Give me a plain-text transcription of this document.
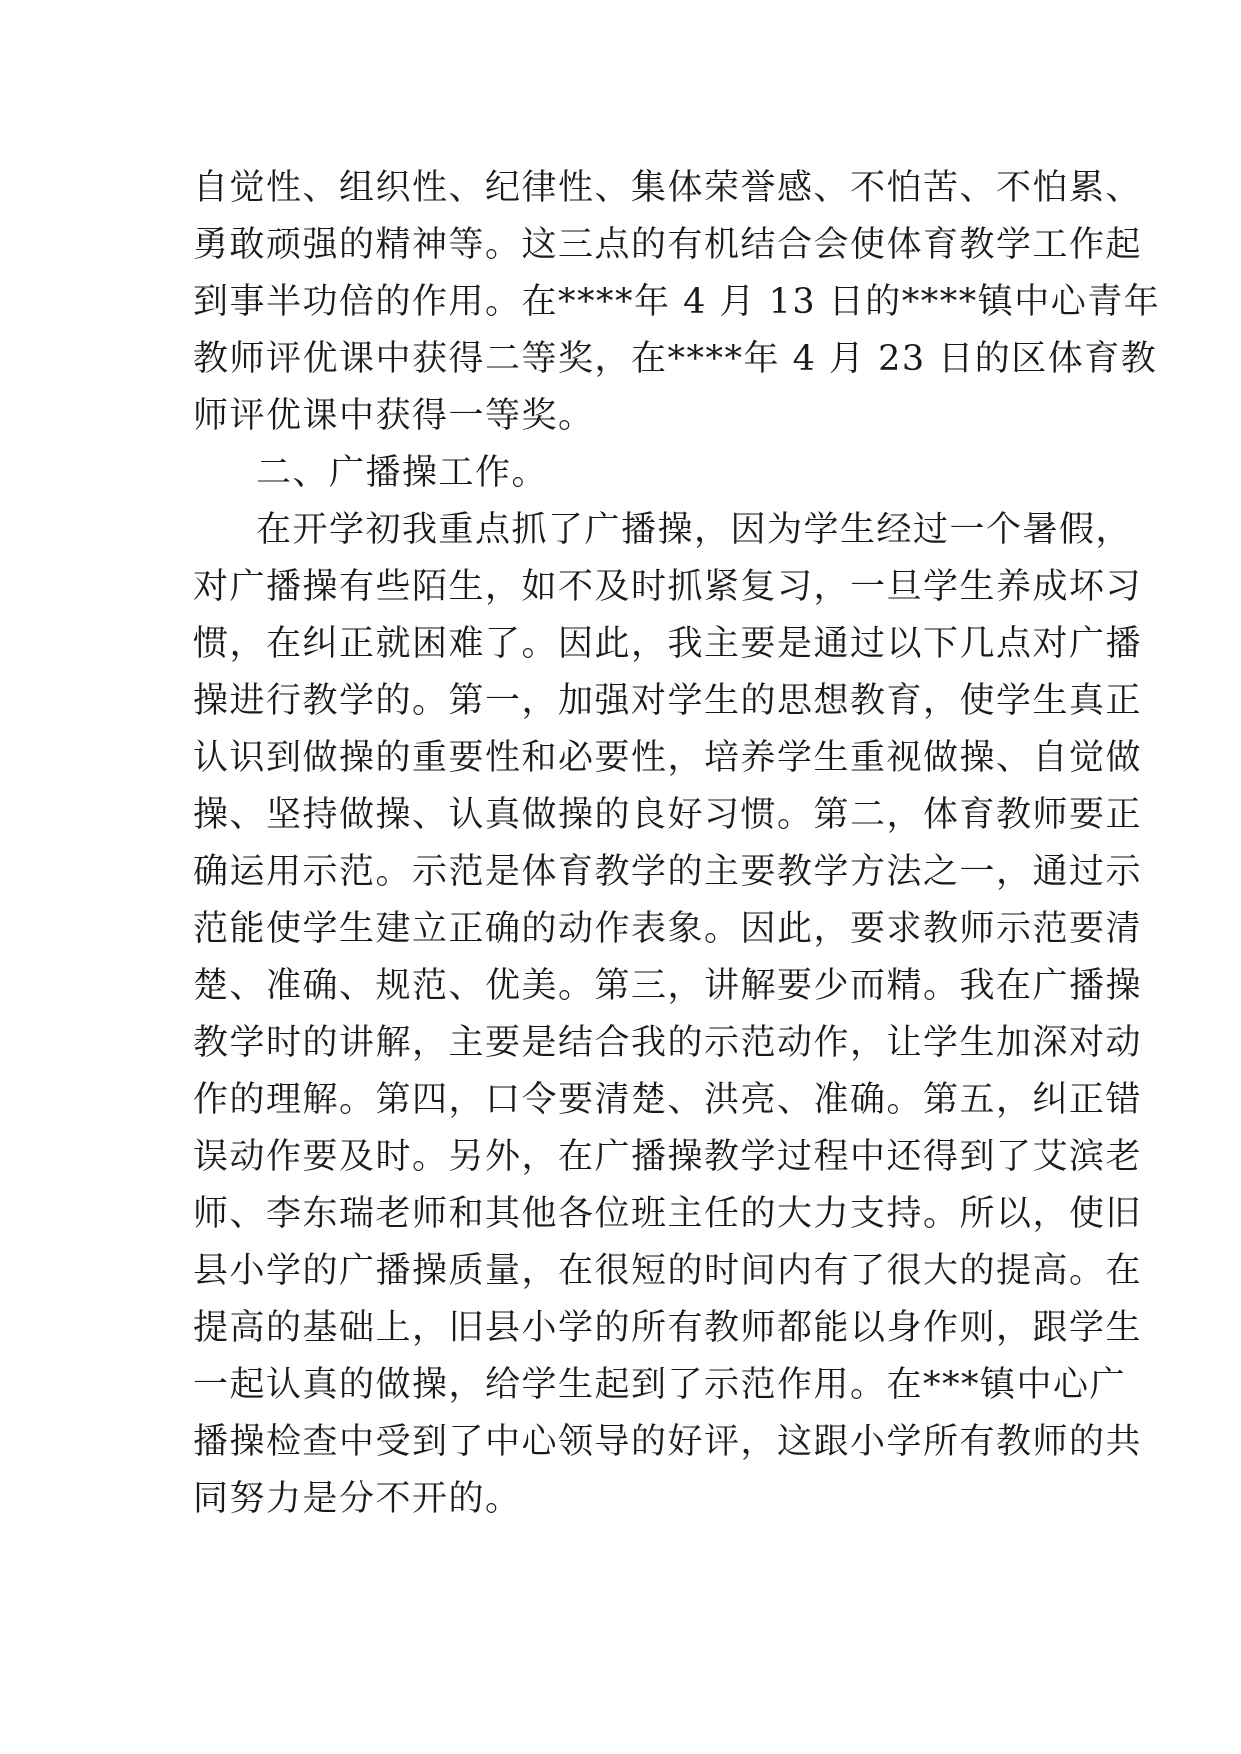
自觉性、组织性、纪律性、集体荣誉感、不怕苦、不怕累、
勇敢顽强的精神等。这三点的有机结合会使体育教学工作起
到事半功倍的作用。在****年 4 月 13 日的****镇中心青年
教师评优课中获得二等奖，在****年 4 月 23 日的区体育教
师评优课中获得一等奖。
二、广播操工作。
在开学初我重点抓了广播操，因为学生经过一个暑假，
对广播操有些陌生，如不及时抓紧复习，一旦学生养成坏习
惯，在纠正就困难了。因此，我主要是通过以下几点对广播
操进行教学的。第一，加强对学生的思想教育，使学生真正
认识到做操的重要性和必要性，培养学生重视做操、自觉做
操、坚持做操、认真做操的良好习惯。第二，体育教师要正
确运用示范。示范是体育教学的主要教学方法之一，通过示
范能使学生建立正确的动作表象。因此，要求教师示范要清
楚、准确、规范、优美。第三，讲解要少而精。我在广播操
教学时的讲解，主要是结合我的示范动作，让学生加深对动
作的理解。第四，口令要清楚、洪亮、准确。第五，纠正错
误动作要及时。另外，在广播操教学过程中还得到了艾滨老
师、李东瑞老师和其他各位班主任的大力支持。所以，使旧
县小学的广播操质量，在很短的时间内有了很大的提高。在
提高的基础上，旧县小学的所有教师都能以身作则，跟学生
一起认真的做操，给学生起到了示范作用。在***镇中心广
播操检查中受到了中心领导的好评，这跟小学所有教师的共
同努力是分不开的。
